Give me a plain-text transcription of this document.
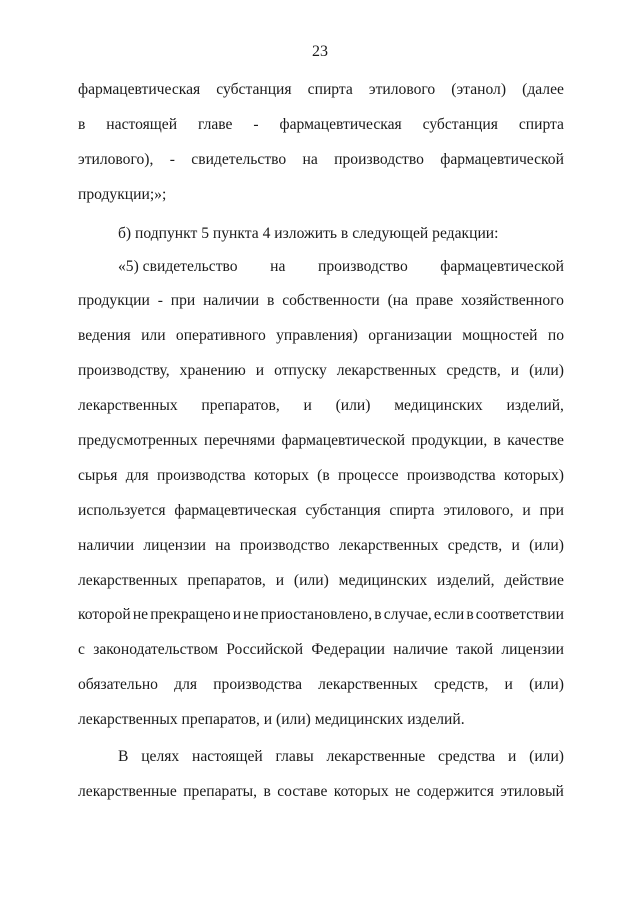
23
фармацевтическая субстанция спирта этилового (этанол) (далее
в настоящей главе - фармацевтическая субстанция спирта
этилового), - свидетельство на производство фармацевтической
продукции;»;
б) подпункт 5 пункта 4 изложить в следующей редакции:
«5) свидетельство на производство фармацевтической
продукции - при наличии в собственности (на праве хозяйственного
ведения или оперативного управления) организации мощностей по
производству, хранению и отпуску лекарственных средств, и (или)
лекарственных препаратов, и (или) медицинских изделий,
предусмотренных перечнями фармацевтической продукции, в качестве
сырья для производства которых (в процессе производства которых)
используется фармацевтическая субстанция спирта этилового, и при
наличии лицензии на производство лекарственных средств, и (или)
лекарственных препаратов, и (или) медицинских изделий, действие
которой не прекращено и не приостановлено, в случае, если в соответствии
с законодательством Российской Федерации наличие такой лицензии
обязательно для производства лекарственных средств, и (или)
лекарственных препаратов, и (или) медицинских изделий.
В целях настоящей главы лекарственные средства и (или)
лекарственные препараты, в составе которых не содержится этиловый
